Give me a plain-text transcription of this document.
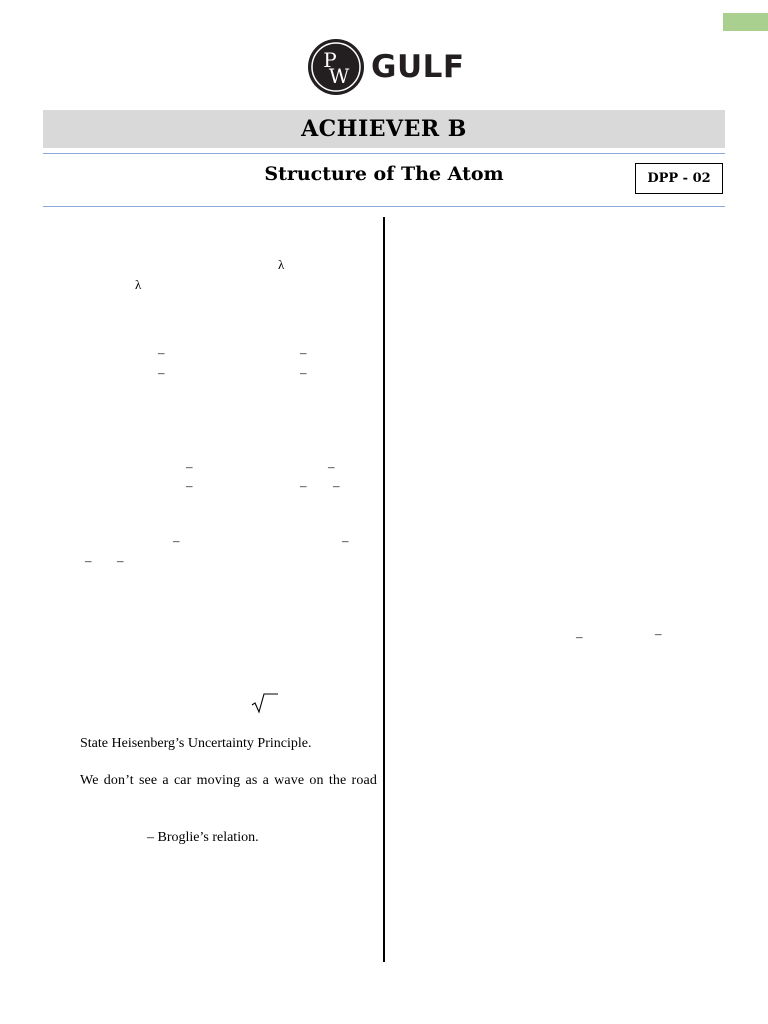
P
W GULF
ACHIEVER B
Structure of The Atom	DPP - 02
λ
λ
–	–
–	–
–	–
–	– –
–	–
– –
State Heisenberg’s Uncertainty Principle.
We don’t see a car moving as a wave on the road
– Broglie’s relation.
–	–
